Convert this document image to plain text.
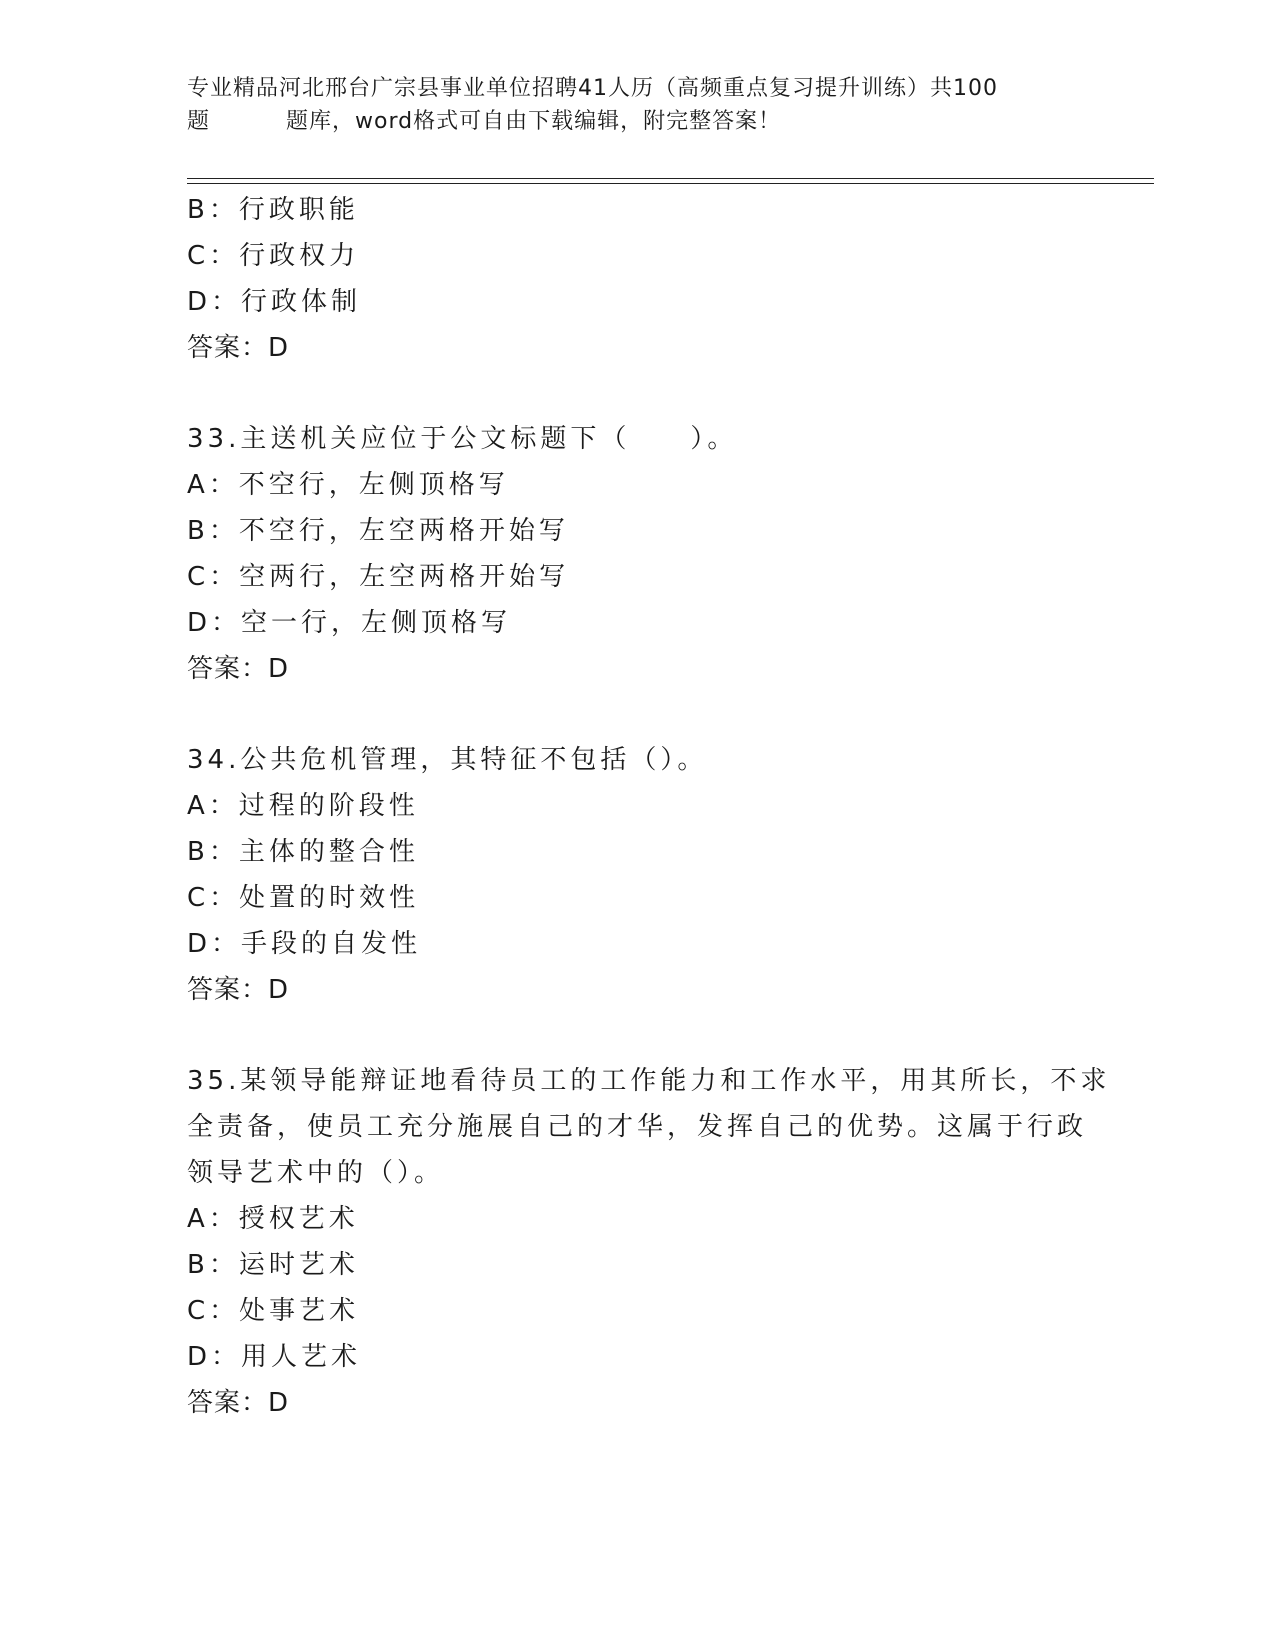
专业精品河北邢台广宗县事业单位招聘41人历（高频重点复习提升训练）共100
题	题库，word格式可自由下载编辑，附完整答案！
B：行政职能
C：行政权力
D：行政体制
答案：D
33.主送机关应位于公文标题下（　　）。
A：不空行，左侧顶格写
B：不空行，左空两格开始写
C：空两行，左空两格开始写
D：空一行，左侧顶格写
答案：D
34.公共危机管理，其特征不包括（）。
A：过程的阶段性
B：主体的整合性
C：处置的时效性
D：手段的自发性
答案：D
35.某领导能辩证地看待员工的工作能力和工作水平，用其所长，不求
全责备，使员工充分施展自己的才华，发挥自己的优势。这属于行政
领导艺术中的（）。
A：授权艺术
B：运时艺术
C：处事艺术
D：用人艺术
答案：D
